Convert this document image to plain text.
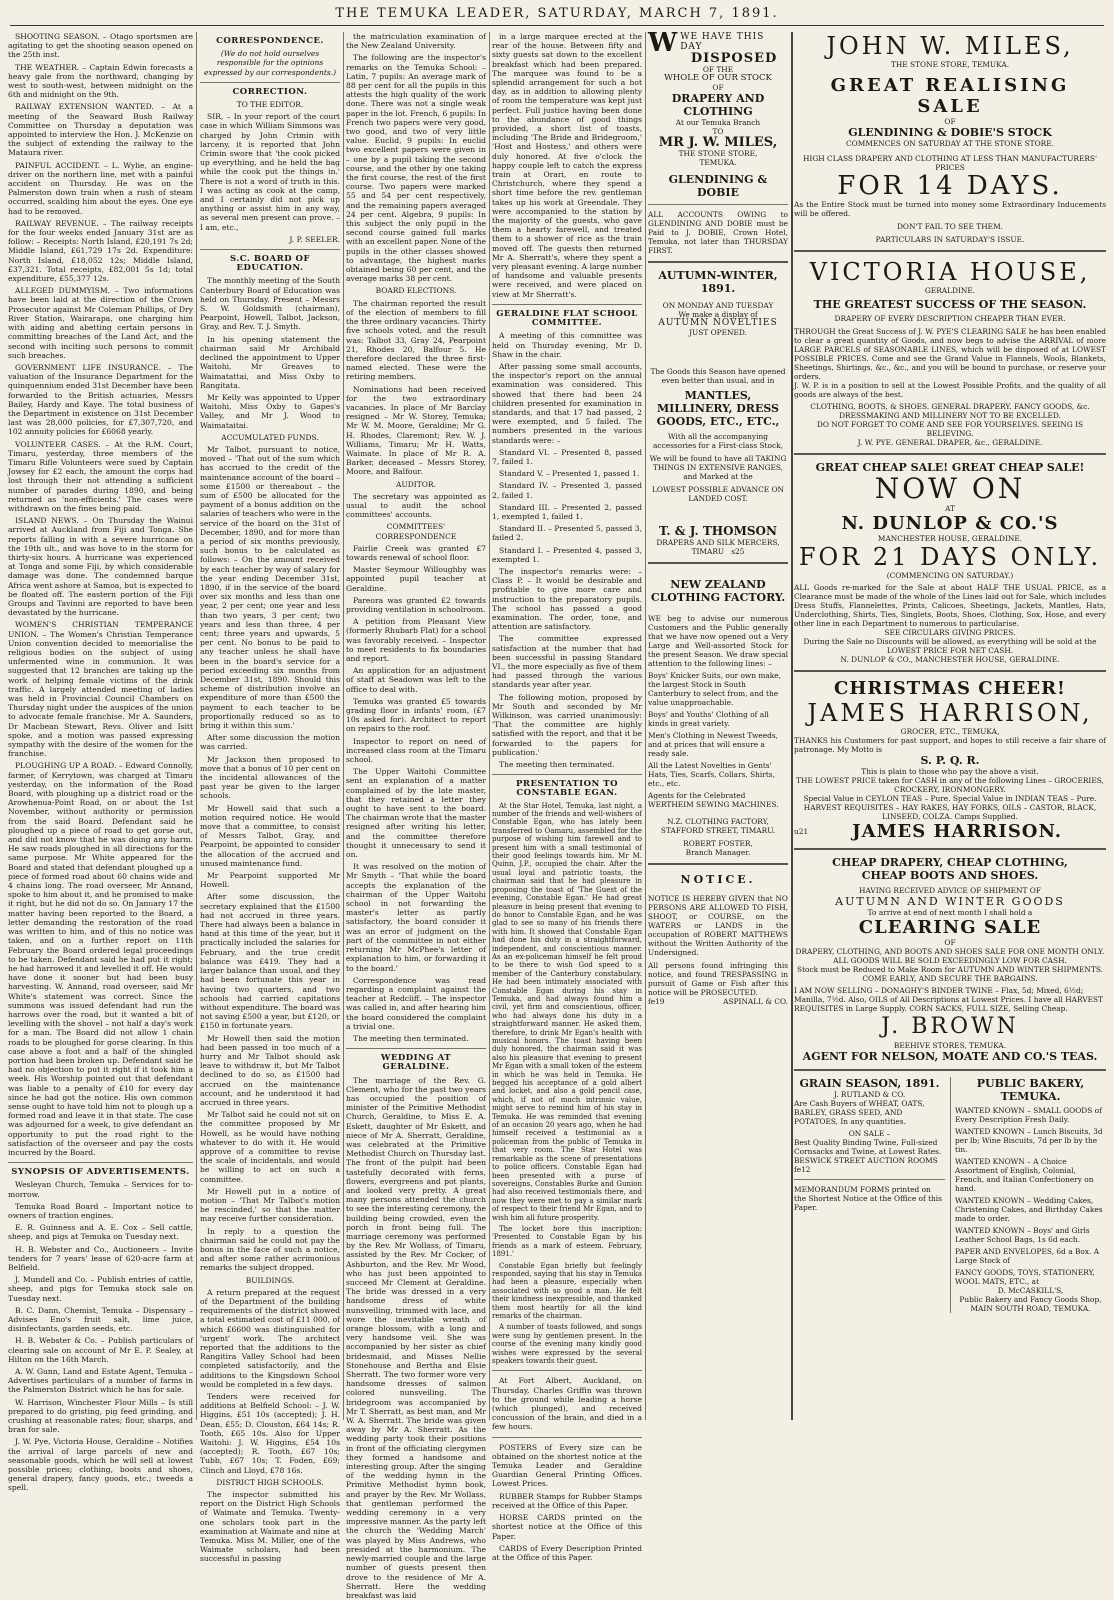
THE TEMUKA LEADER, SATURDAY, MARCH 7, 1891.

SHOOTING SEASON. – Otago sportsmen are agitating to get the shooting season opened on the 25th inst.

THE WEATHER. – Captain Edwin forecasts a heavy gale from the northward, changing by west to south-west, between midnight on the 6th and midnight on the 9th.

RAILWAY EXTENSION WANTED. – At a meeting of the Seaward Bush Railway Committee on Thursday a deputation was appointed to interview the Hon. J. McKenzie on the subject of extending the railway to the Mataura river.

PAINFUL ACCIDENT. – L. Wylie, an engine-driver on the northern line, met with a painful accident on Thursday. He was on the Palmerston down train when a rush of steam occurred, scalding him about the eyes. One eye had to be removed.

RAILWAY REVENUE. – The railway receipts for the four weeks ended January 31st are as follow: – Receipts: North Island, £20,191 7s 2d; Middle Island, £61,729 17s 2d. Expenditure: North Island, £18,052 12s; Middle Island, £37,321. Total receipts, £82,001 5s 1d; total expenditure, £55,377 12s.

ALLEGED DUMMYISM. – Two informations have been laid at the direction of the Crown Prosecutor against Mr Coleman Phillips, of Dry River Station, Wairarapa, one charging him with aiding and abetting certain persons in committing breaches of the Land Act, and the second with inciting such persons to commit such breaches.

GOVERNMENT LIFE INSURANCE. – The valuation of the Insurance Department for the quinquennium ended 31st December have been forwarded to the British actuaries, Messrs Bailey, Hardy and Kaye. The total business of the Department in existence on 31st December last was 28,000 policies, for £7,307,720, and 102 annuity policies for £6068 yearly.

VOLUNTEER CASES. – At the R.M. Court, Timaru, yesterday, three members of the Timaru Rifle Volunteers were sued by Captain Jowsey for £2 each, the amount the corps had lost through their not attending a sufficient number of parades during 1890, and being returned as 'non-efficients.' The cases were withdrawn on the fines being paid.

ISLAND NEWS. – On Thursday the Wainui arrived at Auckland from Fiji and Tonga. She reports falling in with a severe hurricane on the 19th ult., and was hove to in the storm for thirty-six hours. A hurricane was experienced at Tonga and some Fiji, by which considerable damage was done. The condemned barque Africa went ashore at Samoa, but is expected to be floated off. The eastern portion of the Fiji Groups and Tavinni are reported to have been devastated by the hurricane.

WOMEN'S CHRISTIAN TEMPERANCE UNION. – The Women's Christian Temperance Union convention decided to memorialise the religious bodies on the subject of using unfermented wine in communion. It was suggested that 12 branches are taking up the work of helping female victims of the drink traffic. A largely attended meeting of ladies was held in Provincial Council Chambers on Thursday night under the auspices of the union to advocate female franchise. Mr A. Saunders, Dr Macbean Stewart, Revs. Oliver and Isitt spoke, and a motion was passed expressing sympathy with the desire of the women for the franchise.

PLOUGHING UP A ROAD. – Edward Connolly, farmer, of Kerrytown, was charged at Timaru yesterday, on the information of the Road Board, with ploughing up a district road or the Arowhenua-Point Road, on or about the 1st November, without authority or permission from the said Board. Defendant said he ploughed up a piece of road to get gorse out, and did not know that he was doing any harm. He saw roads ploughed in all directions for the same purpose. Mr White appeared for the Board and stated that defendant ploughed up a piece of formed road about 60 chains wide and 4 chains long. The road overseer, Mr Annand, spoke to him about it, and he promised to make it right, but he did not do so. On January 17 the matter having been reported to the Board, a letter demanding the restoration of the road was written to him, and of this no notice was taken, and on a further report on 11th February the Board ordered legal proceedings to be taken. Defendant said he had put it right; he had harrowed it and levelled it off. He would have done it sooner but had been busy harvesting. W. Annand, road overseer, said Mr White's statement was correct. Since the summons was issued defendant had run the harrows over the road, but it wanted a bit of levelling with the shovel – not half a day's work for a man. The Board did not allow 1 chain roads to be ploughed for gorse clearing. In this case above a foot and a half of the shingled portion had been broken up. Defendant said he had no objection to put it right if it took him a week. His Worship pointed out that defendant was liable to a penalty of £10 for every day since he had got the notice. His own common sense ought to have told him not to plough up a formed road and leave it in that state. The case was adjourned for a week, to give defendant an opportunity to put the road right to the satisfaction of the overseer and pay the costs incurred by the Board.

SYNOPSIS OF ADVERTISEMENTS.

Wesleyan Church, Temuka – Services for to-morrow.

Temuka Road Board – Important notice to owners of traction engines.

E. R. Guinness and A. E. Cox – Sell cattle, sheep, and pigs at Temuka on Tuesday next.

H. B. Webster and Co., Auctioneers – Invite tenders for 7 years' lease of 620-acre farm at Belfield.

J. Mundell and Co. – Publish entries of cattle, sheep, and pigs for Temuka stock sale on Tuesday next.

B. C. Dann, Chemist, Temuka – Dispensary – Advises Eno's fruit salt, lime juice, disinfectants, garden seeds, etc.

H. B. Webster & Co. – Publish particulars of clearing sale on account of Mr E. P. Sealey, at Hilton on the 16th March.

A. W. Gunn, Land and Estate Agent, Temuka – Advertises particulars of a number of farms in the Palmerston District which he has for sale.

W. Harrison, Winchester Flour Mills – Is still prepared to do gristing, pig feed grinding, and crushing at reasonable rates; flour, sharps, and bran for sale.

J. W. Pye, Victoria House, Geraldine – Notifies the arrival of large parcels of new and seasonable goods, which he will sell at lowest possible prices; clothing, boots and shoes, general drapery, fancy goods, etc.; tweeds a spell.

CORRESPONDENCE.
(We do not hold ourselves responsible for the opinions expressed by our correspondents.)
CORRECTION.
TO THE EDITOR.

SIR, – In your report of the court case in which William Simmons was charged by John Crimin with larceny, it is reported that John Crimin swore that 'the cook picked up everything, and he held the bag while the cook put the things in.' There is not a word of truth in this. I was acting as cook at the camp, and I certainly did not pick up anything or assist him in any way, as several men present can prove. – I am, etc.,

J. P. SEELER.
S.C. BOARD OF EDUCATION.

The monthly meeting of the South Canterbury Board of Education was held on Thursday. Present – Messrs S. W. Goldsmith (chairman), Pearpoint, Howell, Talbot, Jackson, Gray, and Rev. T. J. Smyth.

In his opening statement the chairman said Mr Archibald declined the appointment to Upper Waitohi, Mr Greaves to Waimatattai, and Miss Oxby to Rangitata.

Mr Kelly was appointed to Upper Waitohi, Miss Oxby to Gapes's Valley, and Mr J. Wood to Waimataitai.

ACCUMULATED FUNDS.

Mr Talbot, pursuant to notice, moved – 'That out of the sum which has accrued to the credit of the maintenance account of the board – some £1500 or thereabout – the sum of £500 be allocated for the payment of a bonus addition on the salaries of teachers who were in the service of the board on the 31st of December, 1890, and for more than a period of six months previously, such bonus to be calculated as follows: – On the amount received by each teacher by way of salary for the year ending December 31st, 1890, if in the service of the board over six months and less than one year, 2 per cent; one year and less than two years, 3 per cent; two years and less than three, 4 per cent; three years and upwards, 5 per cent. No bonus to be paid to any teacher unless he shall have been in the board's service for a period exceeding six months from December 31st, 1890. Should this scheme of distribution involve an expenditure of more than £500 the payment to each teacher to be proportionally reduced so as to bring it within this sum.'

After some discussion the motion was carried.

Mr Jackson then proposed to move that a bonus of 10 per cent on the incidental allowances of the past year be given to the larger schools.

Mr Howell said that such a motion required notice. He would move that a committee, to consist of Messrs Talbot, Gray, and Pearpoint, be appointed to consider the allocation of the accrued and unused maintenance fund.

Mr Pearpoint supported Mr Howell.

After some discussion, the secretary explained that the £1500 had not accrued in three years. There had always been a balance in hand at this time of the year, but it practically included the salaries for February, and the true credit balance was £419. They had a larger balance than usual, and they had been fortunate this year in having two quarters, and two schools had carried capitations without expenditure. The board was not saving £500 a year, but £120, or £150 in fortunate years.

Mr Howell then said the motion had been passed in too much of a hurry and Mr Talbot should ask leave to withdraw it, but Mr Talbot declined to do so, as £1500 had accrued on the maintenance account, and he understood it had accrued in three years.

Mr Talbot said he could not sit on the committee proposed by Mr Howell, as he would have nothing whatever to do with it. He would approve of a committee to revise the scale of incidentals, and would be willing to act on such a committee.

Mr Howell put in a notice of motion – 'That Mr Talbot's motion be rescinded,' so that the matter may receive further consideration.

In reply to a question the chairman said he could not pay the bonus in the face of such a notice, and after some rather acrimonious remarks the subject dropped.

BUILDINGS.

A return prepared at the request of the Department of the building requirements of the district showed a total estimated cost of £11 000, of which £6600 was distinguished for 'urgent' work. The architect reported that the additions to the Rangitira Valley School had been completed satisfactorily, and the additions to the Kingsdown School would be completed in a few days.

Tenders were received for additions at Belfield School: – J. W. Higgins, £51 10s (accepted); J. H. Dean, £55; D. Clouston, £64 14s; R. Tooth, £65 10s. Also for Upper Waitohi: J. W. Higgins, £54 10s (accepted); R. Tooth, £67 10s; Tubb, £67 10s; T. Foden, £69; Clinch and Lloyd, £78 16s.

DISTRICT HIGH SCHOOLS.

The inspector submitted his report on the District High Schools of Waimate and Temuka. Twenty-one scholars took part in the examination at Waimate and nine at Temuka. Miss M. Miller, one of the Waimate scholars, had been successful in passing

the matriculation examination of the New Zealand University.

The following are the inspector's remarks on the Temuka School: – Latin, 7 pupils: An average mark of 88 per cent for all the pupils in this attests the high quality of the work done. There was not a single weak paper in the lot. French, 6 pupils: In French two papers were very good, two good, and two of very little value. Euclid, 9 pupils: In euclid two excellent papers were given in – one by a pupil taking the second course, and the other by one taking the first course, the rest of the first course. Two papers were marked 55 and 54 per cent respectively, and the remaining papers averaged 24 per cent. Algebra, 9 pupils: In this subject the only pupil in the second course gained full marks with an excellent paper. None of the pupils in the other classes showed to advantage, the highest marks obtained being 60 per cent, and the average marks 38 per cent.

BOARD ELECTIONS.

The chairman reported the result of the election of members to fill the three ordinary vacancies. Thirty five schools voted, and the result was: Talbot 33, Gray 24, Pearpoint 21, Rhodes 20, Balfour 5. He therefore declared the three first-named elected. These were the retiring members.

Nominations had been received for the two extraordinary vacancies. In place of Mr Barclay resigned – Mr W. Storey, Temuka; Mr W. M. Moore, Geraldine; Mr G. H. Rhodes, Claremont; Rev. W. J. Williams, Timaru; Mr H. Watts, Waimate. In place of Mr R. A. Barker, deceased – Messrs Storey, Moore, and Balfour.

AUDITOR.

The secretary was appointed as usual to audit the school committees' accounts.

COMMITTEES' CORRESPONDENCE

Fairlie Creek was granted £7 towards renewal of school floor.

Master Seymour Willoughby was appointed pupil teacher at Geraldine.

Pareora was granted £2 towards providing ventilation in schoolroom.

A petition from Pleasant View (formerly Rhubarb Flat) for a school was favorably received. – Inspector to meet residents to fix boundaries and report.

An application for an adjustment of staff at Seadown was left to the office to deal with.

Temuka was granted £5 towards grading floor in infants' room, (£7 10s asked for). Architect to report on repairs to the roof.

Inspector to report on need of increased class room at the Timaru school.

The Upper Waitohi Committee sent an explanation of a matter complained of by the late master, that they retained a letter they ought to have sent to the board. The chairman wrote that the master resigned after writing his letter, and the committee therefore thought it unnecessary to send it on.

It was resolved on the motion of Mr Smyth – 'That while the board accepts the explanation of the chairman of the Upper Waitohi school in not forwarding the master's letter as partly satisfactory, the board consider it was an error of judgment on the part of the committee in not either returning Mr McPhee's letter of explanation to him, or forwarding it to the board.'

Correspondence was read regarding a complaint against the teacher at Redcliff. – The inspector was called in, and after hearing him the board considered the complaint a trivial one.

The meeting then terminated.

WEDDING AT GERALDINE.

The marriage of the Rev. G. Clement, who for the past two years has occupied the position of minister of the Primitive Methodist Church, Geraldine, to Miss E. A. Eskett, daughter of Mr Eskett, and niece of Mr A. Sherratt, Geraldine, was celebrated at the Primitive Methodist Church on Thursday last. The front of the pulpit had been tastefully decorated with ferns, flowers, evergreens and pot plants, and looked very pretty. A great many persons attended the church to see the interesting ceremony, the building being crowded, even the porch in front being full. The marriage ceremony was performed by the Rev. Mr Wollass, of Timaru, assisted by the Rev. Mr Cocker, of Ashburton, and the Rev. Mr Wood, who has just been appointed to succeed Mr Clement at Geraldine. The bride was dressed in a very handsome dress of white nunsveiling, trimmed with lace, and wore the inevitable wreath of orange blossom, with a long and very handsome veil. She was accompanied by her sister as chief bridesmaid, and Misses Nellie Stonehouse and Bertha and Elsie Sherratt. The two former wore very handsome dresses of salmon colored nunsveiling. The bridegroom was accompanied by Mr T. Sherratt, as best man, and Mr W. A. Sherratt. The bride was given away by Mr A. Sherratt. As the wedding party took their positions in front of the officiating clergymen they formed a handsome and interesting group. After the singing of the wedding hymn in the Primitive Methodist hymn book, and prayer by the Rev. Mr Wollass, that gentleman performed the wedding ceremony in a very impressive manner. As the party left the church the 'Wedding March' was played by Miss Andrews, who presided at the harmonium. The newly-married couple and the large number of guests present then drove to the residence of Mr A. Sherratt. Here the wedding breakfast was laid

in a large marquee erected at the rear of the house. Between fifty and sixty guests sat down to the excellent breakfast which had been prepared. The marquee was found to be a splendid arrangement for such a hot day, as in addition to allowing plenty of room the temperature was kept just perfect. Full justice having been done to the abundance of good things provided, a short list of toasts, including 'The Bride and Bridegroom,' 'Host and Hostess,' and others were duly honored. At five o'clock the happy couple left to catch the express train at Orari, en route to Christchurch, where they spend a short time before the rev. gentleman takes up his work at Greendale. They were accompanied to the station by the majority of the guests, who gave them a hearty farewell, and treated them to a shower of rice as the train moved off. The guests then returned Mr A. Sherratt's, where they spent a very pleasant evening. A large number of handsome and valuable presents were received, and were placed on view at Mr Sherratt's.

GERALDINE FLAT SCHOOL COMMITTEE.

A meeting of this committee was held on Thursday evening, Mr D. Shaw in the chair.

After passing some small accounts, the inspector's report on the annual examination was considered. This showed that there had been 24 children presented for examination in standards, and that 17 had passed, 2 were exempted, and 5 failed. The numbers presented in the various standards were: –

Standard VI. – Presented 8, passed 7, failed 1.

Standard V. – Presented 1, passed 1.

Standard IV. – Presented 3, passed 2, failed 1.

Standard III. – Presented 2, passed 1, exempted 1, failed 1.

Standard II. – Presented 5, passed 3, failed 2.

Standard I. – Presented 4, passed 3, exempted 1.

The inspector's remarks were: – Class P. – It would be desirable and profitable to give more care and instruction to the preparatory pupils. The school has passed a good examination. The order, tone, and attention are satisfactory.

The committee expressed satisfaction at the number that had been successful in passing Standard VI., the more especially as five of them had passed through the various standards year after year.

The following motion, proposed by Mr South and seconded by Mr Wilkinson, was carried unanimously: 'That the committee are highly satisfied with the report, and that it be forwarded to the papers for publication.'

The meeting then terminated.

PRESENTATION TO CONSTABLE EGAN.

At the Star Hotel, Temuka, last night, a number of the friends and well-wishers of Constable Egan, who has lately been transferred to Oamaru, assembled for the purpose of wishing him farewell and to present him with a small testimonial of their good feelings towards him. Mr M. Quinn, J.P., occupied the chair. After the usual loyal and patriotic toasts, the chairman said that he had pleasure in proposing the toast of 'The Guest of the evening, Constable Egan.' He had great pleasure in being present that evening to do honor to Constable Egan, and he was glad to see so many of his friends there with him. It showed that Constable Egan had done his duty in a straightforward, independent, and conscientious manner. As an ex-policeman himself he felt proud to be there to wish God speed to a member of the Canterbury constabulary. He had been intimately associated with Constable Egan during his stay in Temuka, and had always found him a civil, yet firm and conscientious, officer, who had always done his duty in a straightforward manner. He asked them, therefore, to drink Mr Egan's health with musical honors. The toast having been duly honored, the chairman said it was also his pleasure that evening to present Mr Egan with a small token of the esteem in which he was held in Temuka. He begged his acceptance of a gold albert and locket, and also a gold pencil case, which, if not of much intrinsic value, might serve to remind him of his stay in Temuka. He was reminded that evening of an occasion 20 years ago, when he had himself received a testimonial as a policeman from the public of Temuka in that very room. The Star Hotel was remarkable as the scene of presentations to police officers. Constable Egan had been presented with a purse of sovereigns, Constables Burke and Gunion had also received testimonials there, and now they were met to pay a similar mark of respect to their friend Mr Egan, and to wish him all future prosperity.

The locket bore this inscription: 'Presented to Constable Egan by his friends as a mark of esteem. February, 1891.'

Constable Egan briefly but feelingly responded, saying that his stay in Temuka had been a pleasure, especially when associated with so good a man. He felt their kindness inexpressible, and thanked them most heartily for all the kind remarks of the chairman.

A number of toasts followed, and songs were sung by gentlemen present. In the course of the evening many kindly good wishes were expressed by the several speakers towards their guest.

At Fort Albert, Auckland, on Thursday, Charles Griffin was thrown to the ground while leading a horse (which plunged), and received concussion of the brain, and died in a few hours.

POSTERS of Every size can be obtained on the shortest notice at the Temuka Leader and Geraldine Guardian General Printing Offices. Lowest Prices.

RUBBER Stamps for Rubber Stamps received at the Office of this Paper.

HORSE CARDS printed on the shortest notice at the Office of this Paper.

CARDS of Every Description Printed at the Office of this Paper.

W WE HAVE THIS DAY
DISPOSED
OF THE
WHOLE OF OUR STOCK
OF
DRAPERY AND CLOTHING
At our Temuka Branch
TO
MR J. W. MILES,
THE STONE STORE,
TEMUKA.
GLENDINING & DOBIE
ALL ACCOUNTS OWING to GLENDINING AND DOBIE must be Paid to J. DOBIE, Crown Hotel, Temuka, not later than THURSDAY FIRST.
AUTUMN-WINTER, 1891.
ON MONDAY AND TUESDAY
We make a display of
AUTUMN NOVELTIES
JUST OPENED.
The Goods this Season have opened even better than usual, and in
MANTLES, MILLINERY, DRESS GOODS, ETC., ETC.,
With all the accompanying accessories for a First-class Stock,
We will be found to have all TAKING THINGS IN EXTENSIVE RANGES, and Marked at the
LOWEST POSSIBLE ADVANCE ON LANDED COST.
T. & J. THOMSON
DRAPERS AND SILK MERCERS,
TIMARU s25
NEW ZEALAND CLOTHING FACTORY.
WE beg to advise our numerous Customers and the Public generally that we have now opened out a Very Large and Well-assorted Stock for the present Season. We draw special attention to the following lines: –
Boys' Knicker Suits, our own make, the largest Stock in South Canterbury to select from, and the value unapproachable.
Boys' and Youths' Clothing of all kinds in great variety.
Men's Clothing in Newest Tweeds, and at prices that will ensure a ready sale.
All the Latest Novelties in Gents' Hats, Ties, Scarfs, Collars, Shirts, etc., etc.
Agents for the Celebrated WERTHEIM SEWING MACHINES.
N.Z. CLOTHING FACTORY,
STAFFORD STREET, TIMARU.
ROBERT FOSTER,
Branch Manager.
NOTICE.
NOTICE IS HEREBY GIVEN that NO PERSONS ARE ALLOWED TO FISH, SHOOT, or COURSE, on the WATERS or LANDS in the occupation of ROBERT MATTHEWS without the Written Authority of the Undersigned.
All persons found infringing this notice, and found TRESPASSING in pursuit of Game or Fish after this notice will be PROSECUTED.
fe19	ASPINALL & CO.
JOHN W. MILES,
THE STONE STORE, TEMUKA.
GREAT REALISING SALE
OF
GLENDINING & DOBIE'S STOCK
COMMENCES ON SATURDAY AT THE STONE STORE.
HIGH CLASS DRAPERY AND CLOTHING AT LESS THAN MANUFACTURERS' PRICES
FOR 14 DAYS.
As the Entire Stock must be turned into money some Extraordinary Inducements will be offered.
DON'T FAIL TO SEE THEM.
PARTICULARS IN SATURDAY'S ISSUE.
VICTORIA HOUSE,
GERALDINE.
THE GREATEST SUCCESS OF THE SEASON.
DRAPERY OF EVERY DESCRIPTION CHEAPER THAN EVER.
THROUGH the Great Success of J. W. PYE'S CLEARING SALE he has been enabled to clear a great quantity of Goods, and now begs to advise the ARRIVAL of more LARGE PARCELS of SEASONABLE LINES, which will be disposed of at LOWEST POSSIBLE PRICES. Come and see the Grand Value in Flannels, Wools, Blankets, Sheetings, Shirtings, &c., &c., and you will be bound to purchase, or reserve your orders.
J. W. P. is in a position to sell at the Lowest Possible Profits, and the quality of all goods are always of the best.
CLOTHING, BOOTS, & SHOES. GENERAL DRAPERY. FANCY GOODS, &c.
DRESSMAKING AND MILLINERY NOT TO BE EXCELLED.
DO NOT FORGET TO COME AND SEE FOR YOURSELVES. SEEING IS BELIEVING.
J. W. PYE. GENERAL DRAPER, &c., GERALDINE.
GREAT CHEAP SALE! GREAT CHEAP SALE!
NOW ON
AT
N. DUNLOP & CO.'S
MANCHESTER HOUSE, GERALDINE.
FOR 21 DAYS ONLY.
(COMMENCING ON SATURDAY.)
ALL Goods re-marked for the Sale at about HALF THE USUAL PRICE, as a Clearance must be made of the whole of the Lines laid out for Sale, which includes Dress Stuffs, Flannelettes, Prints, Calicoes, Sheetings, Jackets, Mantles, Hats, Underclothing, Shirts, Ties, Singlets, Boots, Shoes, Clothing, Sox, Hose, and every other line in each Department to numerous to particularise.
SEE CIRCULARS GIVING PRICES.
During the Sale no Discounts will be allowed, as everything will be sold at the LOWEST PRICE FOR NET CASH.
N. DUNLOP & CO., MANCHESTER HOUSE, GERALDINE.
CHRISTMAS CHEER!
JAMES HARRISON,
GROCER, ETC., TEMUKA,
THANKS his Customers for past support, and hopes to still receive a fair share of patronage. My Motto is
S. P. Q. R.
This is plain to those who pay the above a visit.
THE LOWEST PRICE taken for CASH in any of the following Lines – GROCERIES, CROCKERY, IRONMONGERY.
Special Value in CEYLON TEAS – Pure. Special Value in INDIAN TEAS – Pure.
HARVEST REQUISITES – HAY RAKES, HAY FORKS, OILS – CASTOR, BLACK, LINSEED, COLZA. Camps Supplied.
u21	JAMES HARRISON.
CHEAP DRAPERY, CHEAP CLOTHING,
CHEAP BOOTS AND SHOES.
HAVING RECEIVED ADVICE OF SHIPMENT OF
AUTUMN AND WINTER GOODS
To arrive at end of next month I shall hold a
CLEARING SALE
OF
DRAPERY, CLOTHING, AND BOOTS AND SHOES SALE FOR ONE MONTH ONLY.
ALL GOODS WILL BE SOLD EXCEEDINGLY LOW FOR CASH.
Stock must be Reduced to Make Room for AUTUMN AND WINTER SHIPMENTS.
COME EARLY, AND SECURE THE BARGAINS.
I AM NOW SELLING – DONAGHY'S BINDER TWINE – Flax, 5d; Mixed, 6½d; Manilla, 7½d. Also, OILS of All Descriptions at Lowest Prices. I have all HARVEST REQUISITES in Large Supply. CORN SACKS, FULL SIZE, Selling Cheap.
J. BROWN
BEEHIVE STORES, TEMUKA.
AGENT FOR NELSON, MOATE AND CO.'S TEAS.
GRAIN SEASON, 1891.
J. RUTLAND & CO.
Are Cash Buyers of WHEAT, OATS, BARLEY, GRASS SEED, AND POTATOES, In any quantities.
ON SALE –
Best Quality Binding Twine, Full-sized Cornsacks and Twine, at Lowest Rates.
BESWICK STREET AUCTION ROOMS
fe12
MEMORANDUM FORMS printed on the Shortest Notice at the Office of this Paper.
PUBLIC BAKERY, TEMUKA.
WANTED KNOWN – SMALL GOODS of Every Description Fresh Daily.
WANTED KNOWN – Lunch Biscuits, 3d per lb; Wine Biscuits, 7d per lb by the tin.
WANTED KNOWN – A Choice Assortment of English, Colonial, French, and Italian Confectionery on hand.
WANTED KNOWN – Wedding Cakes, Christening Cakes, and Birthday Cakes made to order.
WANTED KNOWN – Boys' and Girls Leather School Bags, 1s 6d each.
PAPER AND ENVELOPES, 6d a Box. A Large Stock of
FANCY GOODS, TOYS, STATIONERY, WOOL MATS, ETC., at
D. McCASKILL'S,
Public Bakery and Fancy Goods Shop, MAIN SOUTH ROAD, TEMUKA.
